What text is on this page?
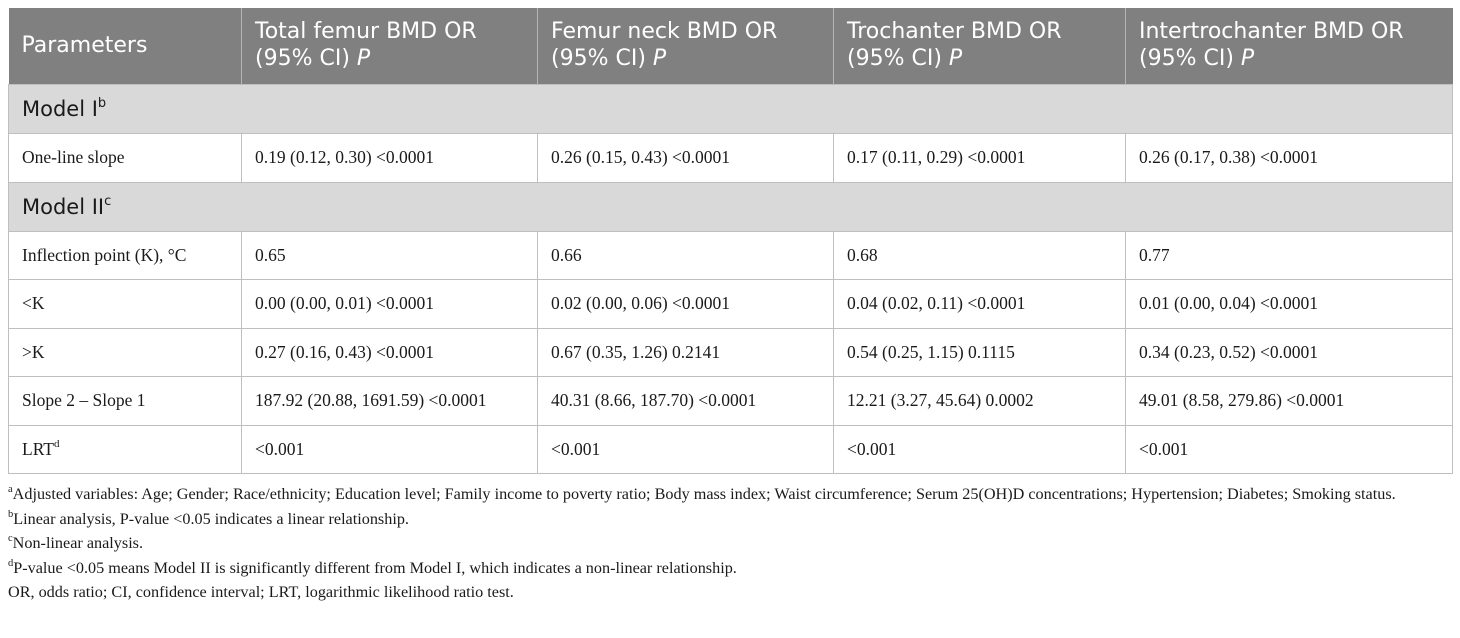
Parameters	Total femur BMD OR (95% CI) P	Femur neck BMD OR (95% CI) P	Trochanter BMD OR (95% CI) P	Intertrochanter BMD OR (95% CI) P
Model $I^b$
One-line slope	0.19 (0.12, 0.30) <0.0001	0.26 (0.15, 0.43) <0.0001	0.17 (0.11, 0.29) <0.0001	0.26 (0.17, 0.38) <0.0001
Model $II^c$
Inflection point (K), °C	0.65	0.66	0.68	0.77
<K	0.00 (0.00, 0.01) <0.0001	0.02 (0.00, 0.06) <0.0001	0.04 (0.02, 0.11) <0.0001	0.01 (0.00, 0.04) <0.0001
>K	0.27 (0.16, 0.43) <0.0001	0.67 (0.35, 1.26) 0.2141	0.54 (0.25, 1.15) 0.1115	0.34 (0.23, 0.52) <0.0001
Slope 2 – Slope 1	187.92 (20.88, 1691.59) <0.0001	40.31 (8.66, 187.70) <0.0001	12.21 (3.27, 45.64) 0.0002	49.01 (8.58, 279.86) <0.0001
$LRT^d$	<0.001	<0.001	<0.001	<0.001

$^a$Adjusted variables: Age; Gender; Race/ethnicity; Education level; Family income to poverty ratio; Body mass index; Waist circumference; Serum 25(OH)D concentrations; Hypertension; Diabetes; Smoking status.

$^b$Linear analysis, P-value <0.05 indicates a linear relationship.

$^c$Non-linear analysis.

$^d$P-value <0.05 means Model II is significantly different from Model I, which indicates a non-linear relationship.

OR, odds ratio; CI, confidence interval; LRT, logarithmic likelihood ratio test.
